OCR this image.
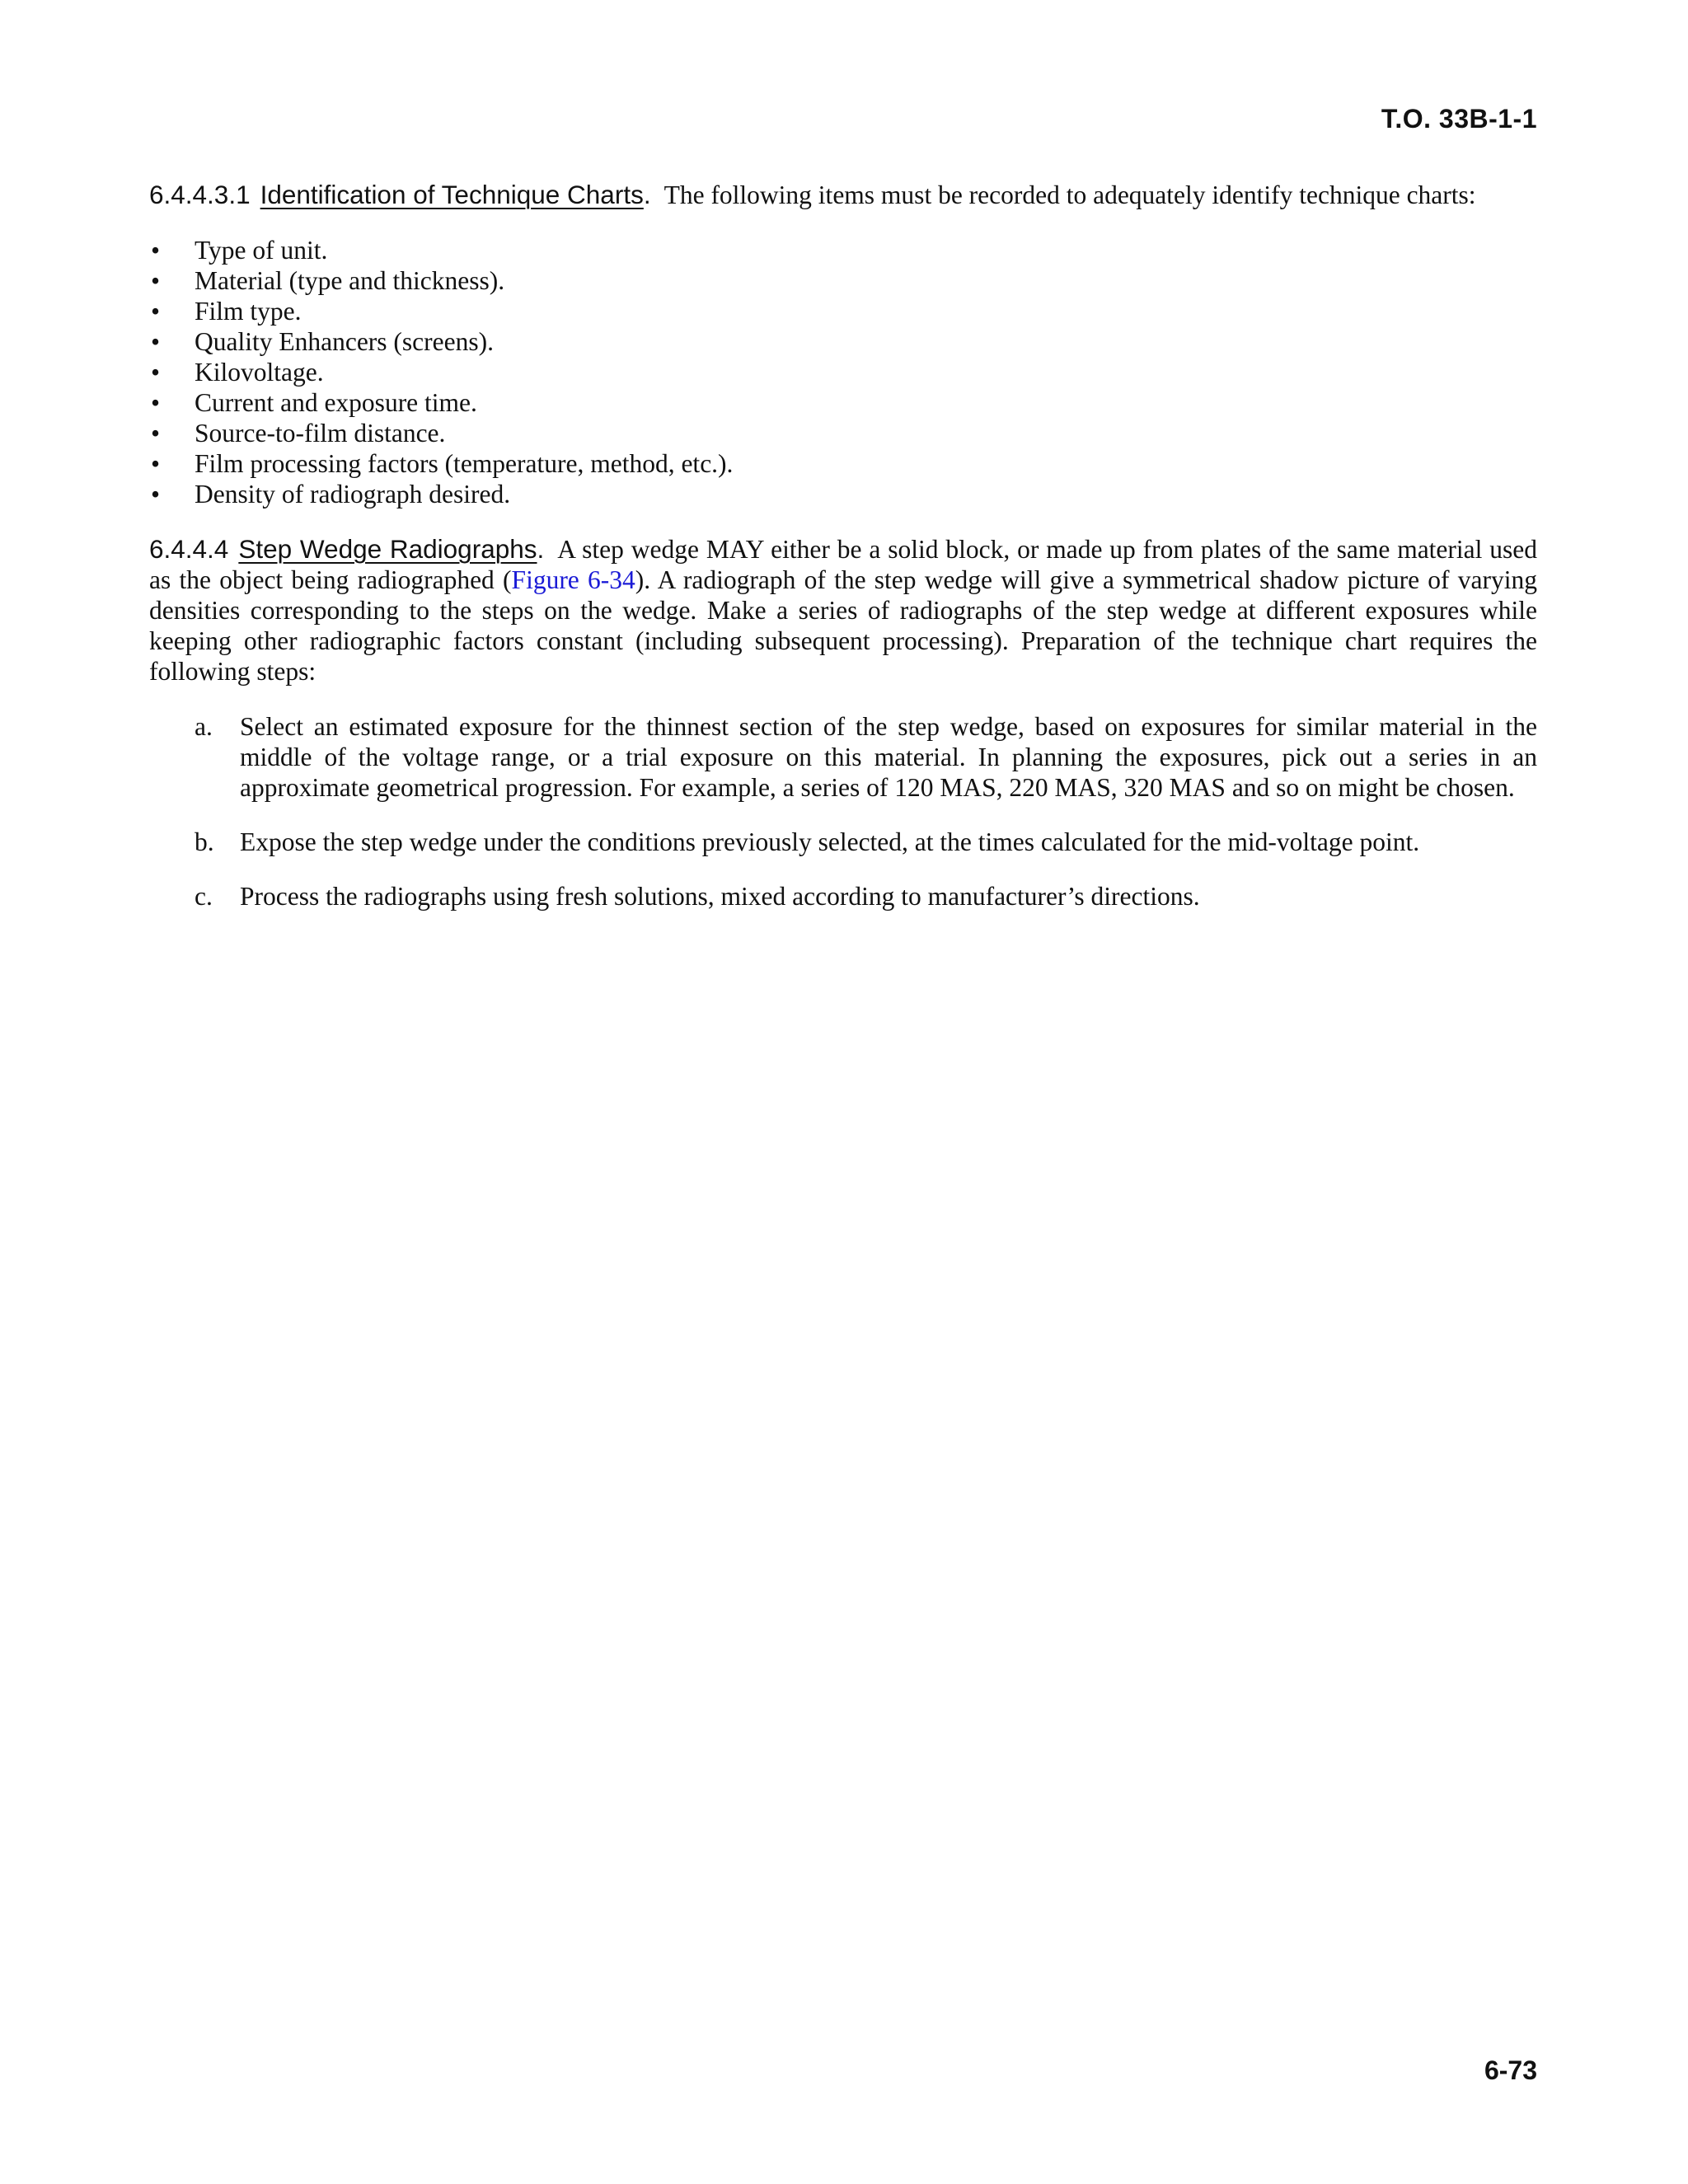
T.O. 33B-1-1

6.4.4.3.1 Identification of Technique Charts. The following items must be recorded to adequately identify technique charts:

• Type of unit.
• Material (type and thickness).
• Film type.
• Quality Enhancers (screens).
• Kilovoltage.
• Current and exposure time.
• Source-to-film distance.
• Film processing factors (temperature, method, etc.).
• Density of radiograph desired.

6.4.4.4 Step Wedge Radiographs. A step wedge MAY either be a solid block, or made up from plates of the same material used as the object being radiographed (Figure 6-34). A radiograph of the step wedge will give a symmetrical shadow picture of varying densities corresponding to the steps on the wedge. Make a series of radiographs of the step wedge at different exposures while keeping other radiographic factors constant (including subsequent processing). Preparation of the technique chart requires the following steps:

a. Select an estimated exposure for the thinnest section of the step wedge, based on exposures for similar material in the middle of the voltage range, or a trial exposure on this material. In planning the exposures, pick out a series in an approximate geometrical progression. For example, a series of 120 MAS, 220 MAS, 320 MAS and so on might be chosen.
b. Expose the step wedge under the conditions previously selected, at the times calculated for the mid-voltage point.
c. Process the radiographs using fresh solutions, mixed according to manufacturer’s directions.
6-73
